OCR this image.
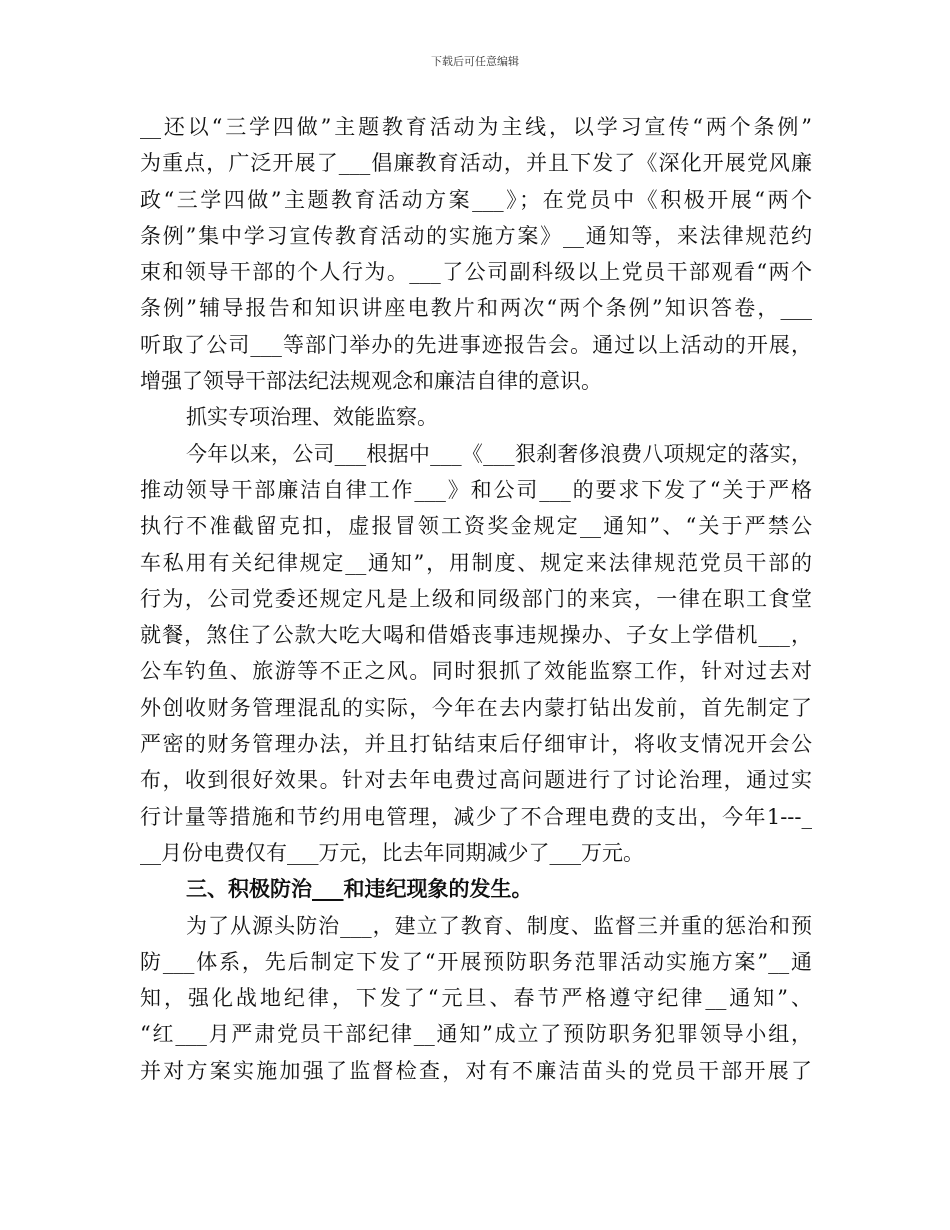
下载后可任意编辑
__还以“三学四做”主题教育活动为主线，以学习宣传“两个条例”
为重点，广泛开展了___倡廉教育活动，并且下发了《深化开展党风廉
政“三学四做”主题教育活动方案___》；在党员中《积极开展“两个
条例”集中学习宣传教育活动的实施方案》__通知等，来法律规范约
束和领导干部的个人行为。___了公司副科级以上党员干部观看“两个
条例”辅导报告和知识讲座电教片和两次“两个条例”知识答卷，___
听取了公司___等部门举办的先进事迹报告会。通过以上活动的开展，
增强了领导干部法纪法规观念和廉洁自律的意识。
抓实专项治理、效能监察。
今年以来，公司___根据中___《___狠刹奢侈浪费八项规定的落实，
推动领导干部廉洁自律工作___》和公司___的要求下发了“关于严格
执行不准截留克扣，虚报冒领工资奖金规定__通知”、“关于严禁公
车私用有关纪律规定__通知”，用制度、规定来法律规范党员干部的
行为，公司党委还规定凡是上级和同级部门的来宾，一律在职工食堂
就餐，煞住了公款大吃大喝和借婚丧事违规操办、子女上学借机___，
公车钓鱼、旅游等不正之风。同时狠抓了效能监察工作，针对过去对
外创收财务管理混乱的实际，今年在去内蒙打钻出发前，首先制定了
严密的财务管理办法，并且打钻结束后仔细审计，将收支情况开会公
布，收到很好效果。针对去年电费过高问题进行了讨论治理，通过实
行计量等措施和节约用电管理，减少了不合理电费的支出，今年1---_
__月份电费仅有___万元，比去年同期减少了___万元。
三、积极防治___和违纪现象的发生。
为了从源头防治___，建立了教育、制度、监督三并重的惩治和预
防___体系，先后制定下发了“开展预防职务范罪活动实施方案”__通
知，强化战地纪律，下发了“元旦、春节严格遵守纪律__通知”、
“红___月严肃党员干部纪律__通知”成立了预防职务犯罪领导小组，
并对方案实施加强了监督检查，对有不廉洁苗头的党员干部开展了
